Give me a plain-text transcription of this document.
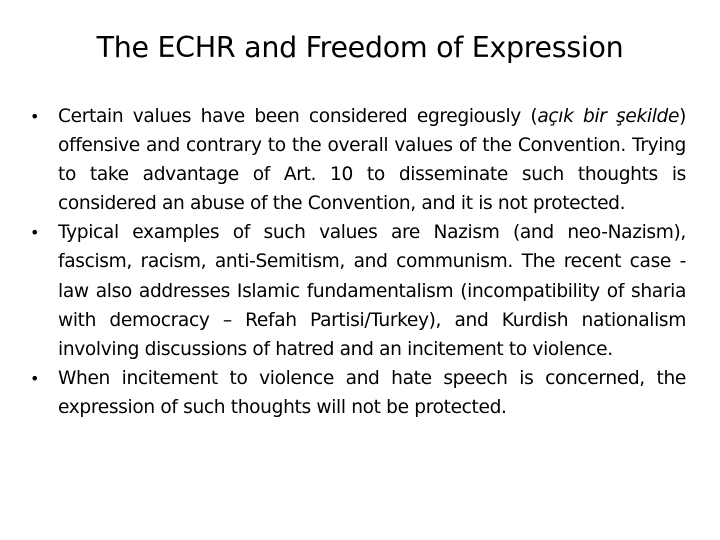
The ECHR and Freedom of Expression
•	Certain values have been considered egregiously (açık bir şekilde) offensive and contrary to the overall values of the Convention. Trying to take advantage of Art. 10 to disseminate such thoughts is considered an abuse of the Convention, and it is not protected.
•	Typical examples of such values are Nazism (and neo-Nazism), fascism, racism, anti-Semitism, and communism. The recent case -law also addresses Islamic fundamentalism (incompatibility of sharia with democracy – Refah Partisi/Turkey), and Kurdish nationalism involving discussions of hatred and an incitement to violence.
•	When incitement to violence and hate speech is concerned, the expression of such thoughts will not be protected.
